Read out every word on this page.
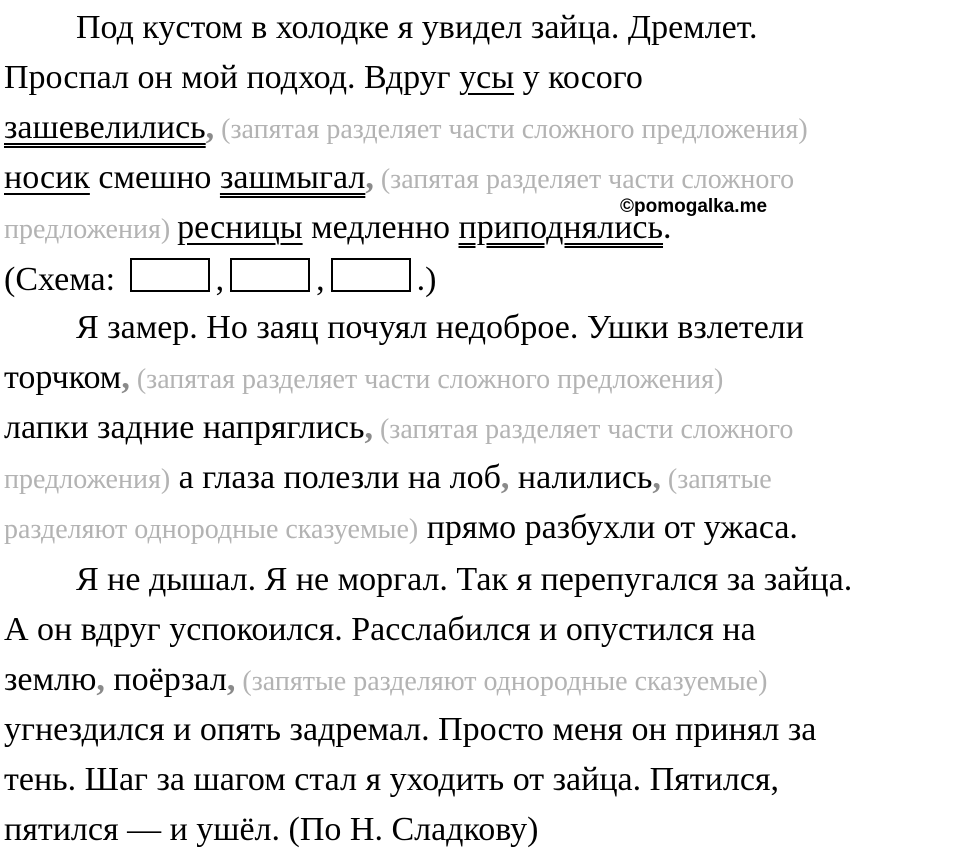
Под кустом в холодке я увидел зайца. Дремлет.
Проспал он мой подход. Вдруг усы у косого
зашевелились, (запятая разделяет части сложного предложения)
носик смешно зашмыгал, (запятая разделяет части сложного
предложения) ресницы медленно приподнялись.
©pomogalka.me
(Схема:	,	,	.)
Я замер. Но заяц почуял недоброе. Ушки взлетели
торчком, (запятая разделяет части сложного предложения)
лапки задние напряглись, (запятая разделяет части сложного
предложения) а глаза полезли на лоб, налились, (запятые
разделяют однородные сказуемые) прямо разбухли от ужаса.
Я не дышал. Я не моргал. Так я перепугался за зайца.
А он вдруг успокоился. Расслабился и опустился на
землю, поёрзал, (запятые разделяют однородные сказуемые)
угнездился и опять задремал. Просто меня он принял за
тень. Шаг за шагом стал я уходить от зайца. Пятился,
пятился — и ушёл. (По Н. Сладкову)
